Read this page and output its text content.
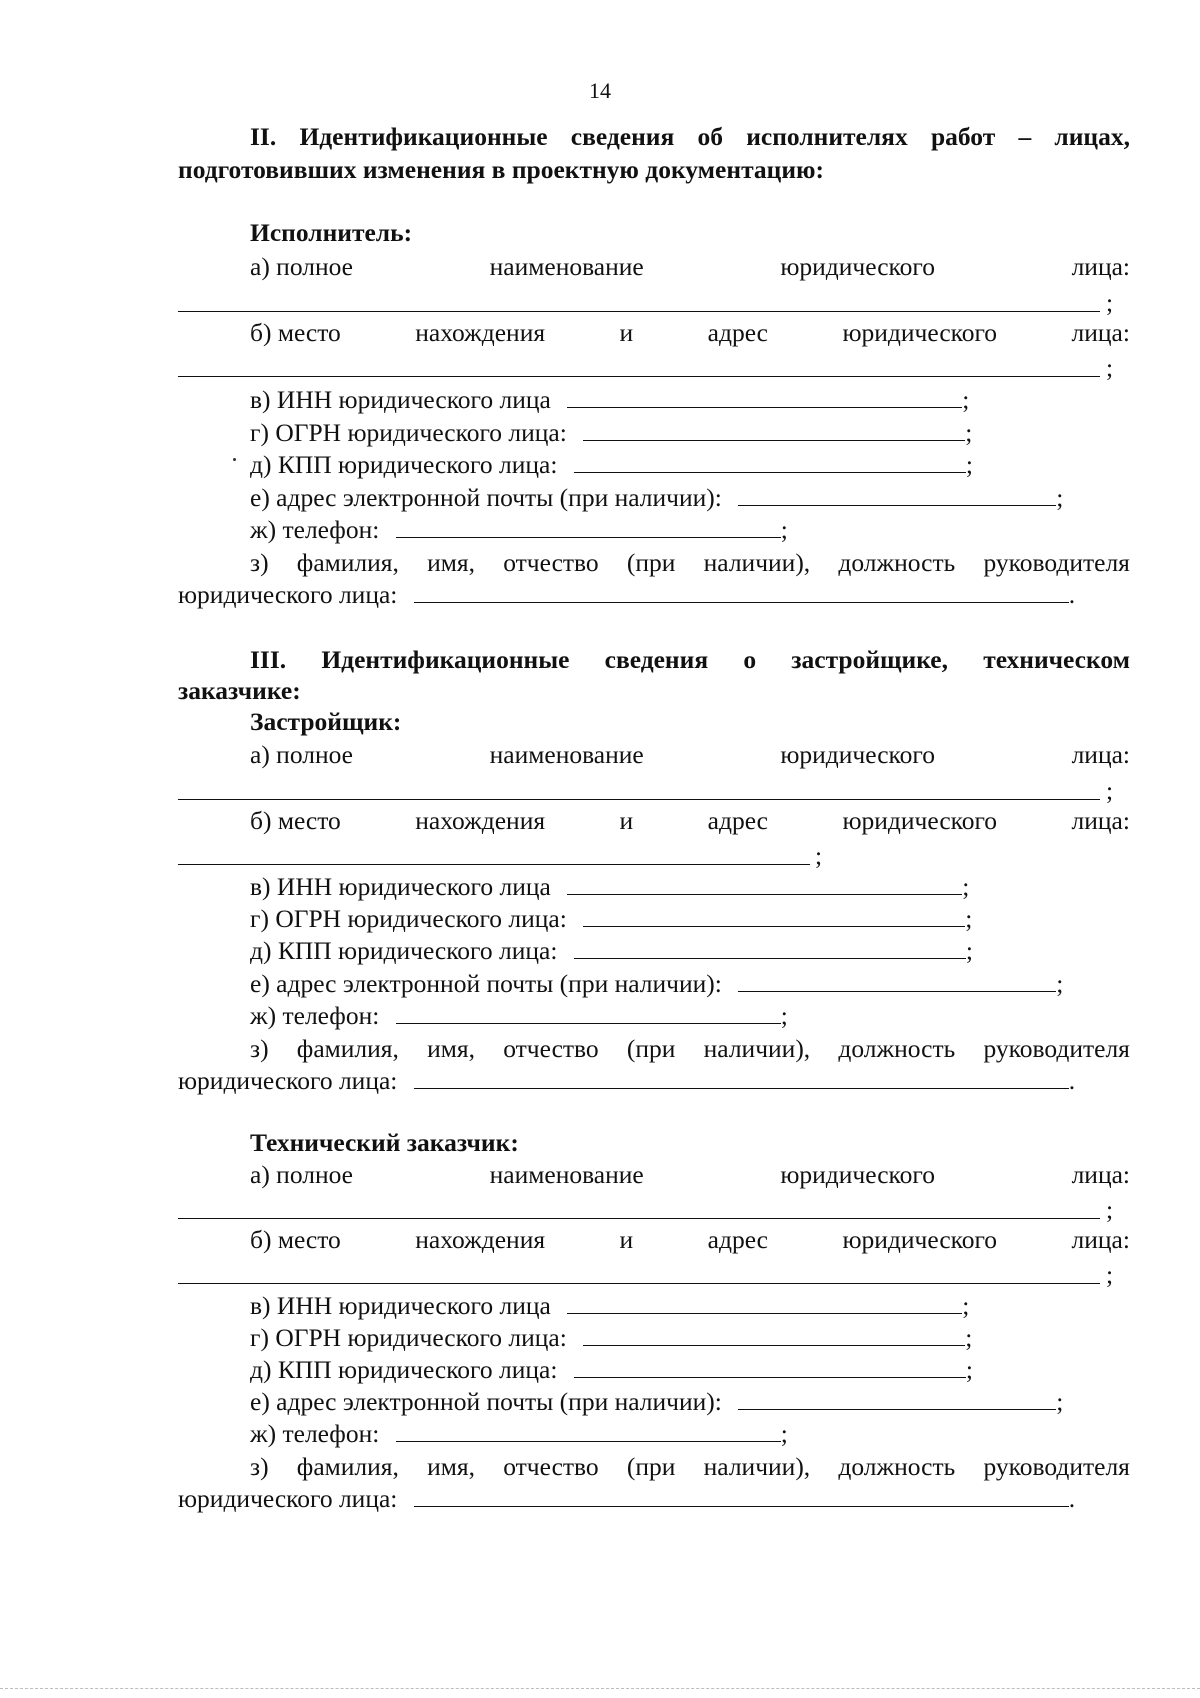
14
II. Идентификационные сведения об исполнителях работ – лицах,
подготовивших изменения в проектную документацию:
Исполнитель:
а) полное	наименование	юридического	лица:
;
б) место	нахождения	и	адрес	юридического	лица:
;
в) ИНН юридического лица	;
г) ОГРН юридического лица:	;
д) КПП юридического лица:	;
е) адрес электронной почты (при наличии):	;
ж) телефон:	;
з) фамилия, имя, отчество (при наличии), должность руководителя
юридического лица:	.
III. Идентификационные сведения о застройщике, техническом
заказчике:
Застройщик:
а) полное	наименование	юридического	лица:
;
б) место	нахождения	и	адрес	юридического	лица:
;
в) ИНН юридического лица	;
г) ОГРН юридического лица:	;
д) КПП юридического лица:	;
е) адрес электронной почты (при наличии):	;
ж) телефон:	;
з) фамилия, имя, отчество (при наличии), должность руководителя
юридического лица:	.
Технический заказчик:
а) полное	наименование	юридического	лица:
;
б) место	нахождения	и	адрес	юридического	лица:
;
в) ИНН юридического лица	;
г) ОГРН юридического лица:	;
д) КПП юридического лица:	;
е) адрес электронной почты (при наличии):	;
ж) телефон:	;
з) фамилия, имя, отчество (при наличии), должность руководителя
юридического лица:	.
